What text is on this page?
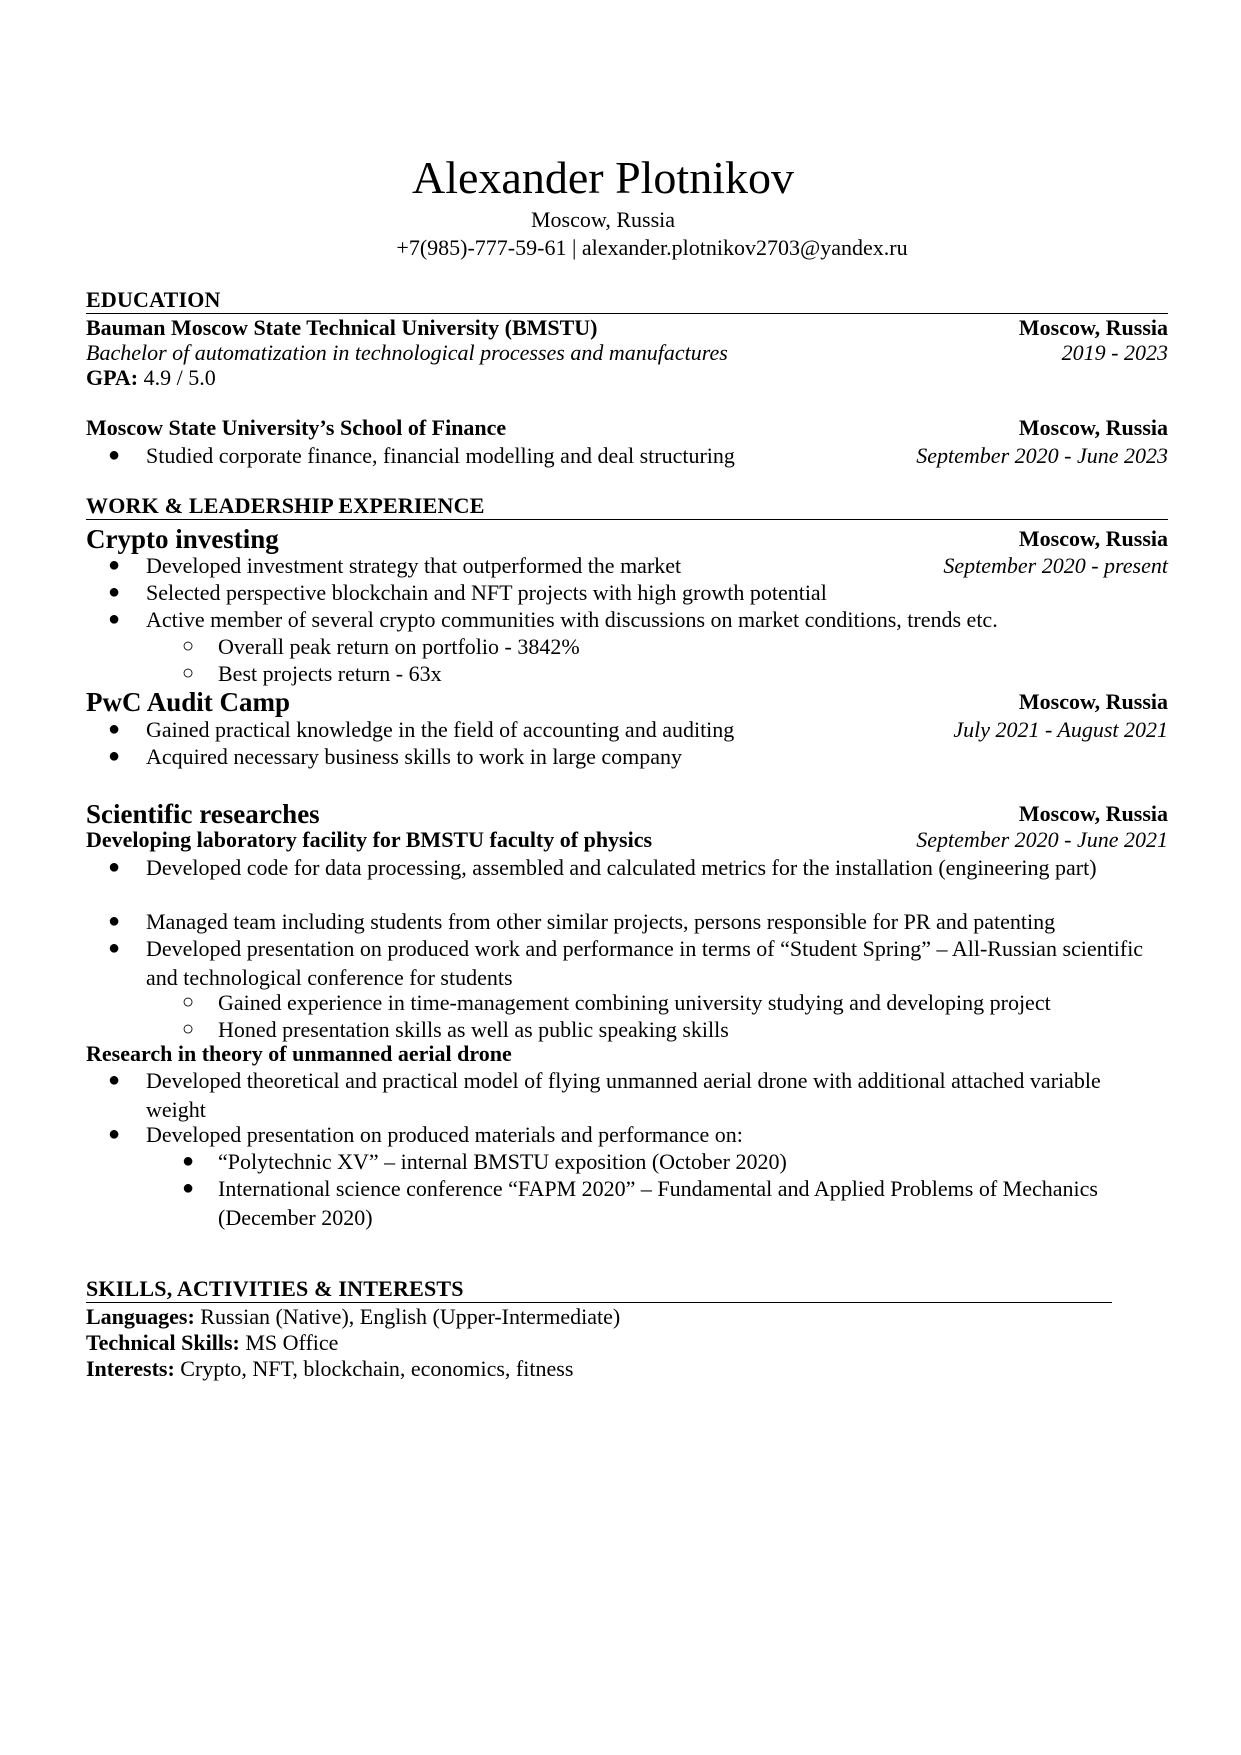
Alexander Plotnikov
Moscow, Russia
+7(985)-777-59-61 | alexander.plotnikov2703@yandex.ru
EDUCATION
Bauman Moscow State Technical University (BMSTU)	Moscow, Russia
Bachelor of automatization in technological processes and manufactures	2019 - 2023
GPA: 4.9 / 5.0
Moscow State University’s School of Finance	Moscow, Russia
● Studied corporate finance, financial modelling and deal structuring	September 2020 - June 2023
WORK & LEADERSHIP EXPERIENCE
Crypto investing	Moscow, Russia
● Developed investment strategy that outperformed the market	September 2020 - present
● Selected perspective blockchain and NFT projects with high growth potential
● Active member of several crypto communities with discussions on market conditions, trends etc.
○ Overall peak return on portfolio - 3842%
○ Best projects return - 63x
PwC Audit Camp	Moscow, Russia
● Gained practical knowledge in the field of accounting and auditing	July 2021 - August 2021
● Acquired necessary business skills to work in large company
Scientific researches	Moscow, Russia
Developing laboratory facility for BMSTU faculty of physics	September 2020 - June 2021
● Developed code for data processing, assembled and calculated metrics for the installation (engineering part)
● Managed team including students from other similar projects, persons responsible for PR and patenting
● Developed presentation on produced work and performance in terms of “Student Spring” – All-Russian scientific and technological conference for students
○ Gained experience in time-management combining university studying and developing project
○ Honed presentation skills as well as public speaking skills
Research in theory of unmanned aerial drone
● Developed theoretical and practical model of flying unmanned aerial drone with additional attached variable weight
● Developed presentation on produced materials and performance on:
● “Polytechnic XV” – internal BMSTU exposition (October 2020)
● International science conference “FAPM 2020” – Fundamental and Applied Problems of Mechanics (December 2020)
SKILLS, ACTIVITIES & INTERESTS
Languages: Russian (Native), English (Upper-Intermediate)
Technical Skills: MS Office
Interests: Crypto, NFT, blockchain, economics, fitness
